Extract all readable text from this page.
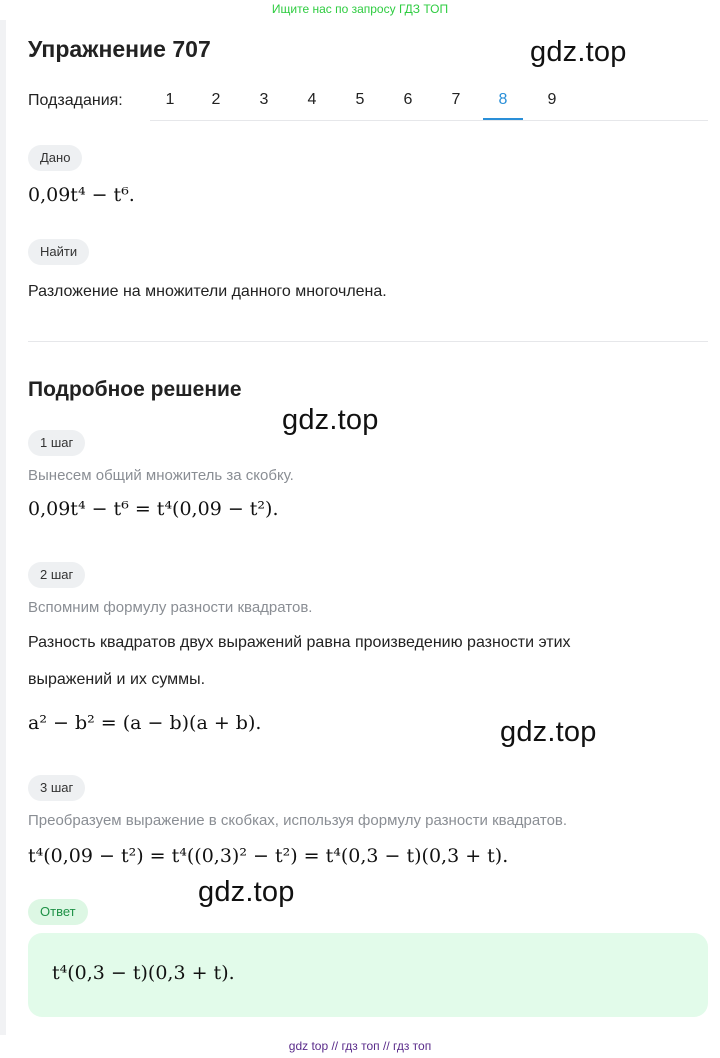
Ищите нас по запросу ГДЗ ТОП
Упражнение 707	gdz.top
Подзадания:	1	2	3	4	5	6	7	8	9
Дано
0,09t⁴ − t⁶.
Найти
Разложение на множители данного многочлена.
Подробное решение
gdz.top
1 шаг
Вынесем общий множитель за скобку.
0,09t⁴ − t⁶ = t⁴(0,09 − t²).
2 шаг
Вспомним формулу разности квадратов.
Разность квадратов двух выражений равна произведению разности этих
выражений и их суммы.
a² − b² = (a − b)(a + b).	gdz.top
3 шаг
Преобразуем выражение в скобках, используя формулу разности квадратов.
t⁴(0,09 − t²) = t⁴((0,3)² − t²) = t⁴(0,3 − t)(0,3 + t).
gdz.top
Ответ
t⁴(0,3 − t)(0,3 + t).
gdz top // гдз топ // гдз топ
